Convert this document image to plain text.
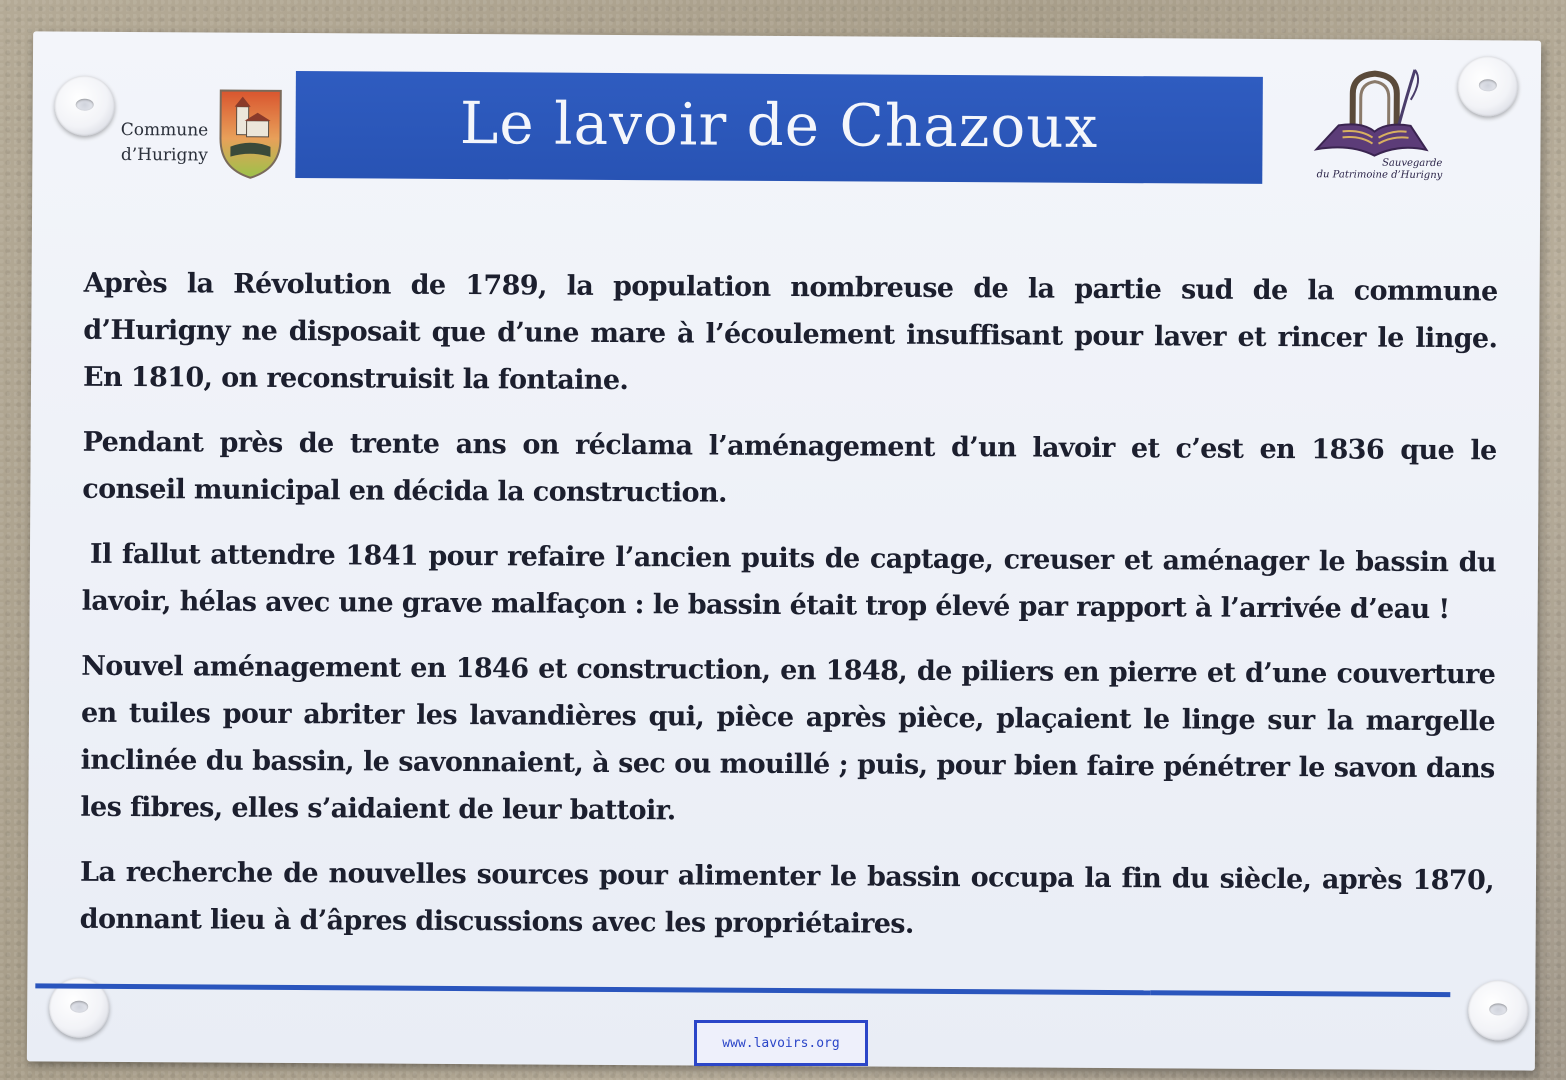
Commune
d’Hurigny	Le lavoir de Chazoux
Sauvegarde
du Patrimoine d’Hurigny

Après la Révolution de 1789, la population nombreuse de la partie sud de la commune d’Hurigny ne disposait que d’une mare à l’écoulement insuffisant pour laver et rincer le linge. En 1810, on reconstruisit la fontaine.

Pendant près de trente ans on réclama l’aménagement d’un lavoir et c’est en 1836 que le conseil municipal en décida la construction.

Il fallut attendre 1841 pour refaire l’ancien puits de captage, creuser et aménager le bassin du lavoir, hélas avec une grave malfaçon : le bassin était trop élevé par rapport à l’arrivée d’eau !

Nouvel aménagement en 1846 et construction, en 1848, de piliers en pierre et d’une couverture en tuiles pour abriter les lavandières qui, pièce après pièce, plaçaient le linge sur la margelle inclinée du bassin, le savonnaient, à sec ou mouillé ; puis, pour bien faire pénétrer le savon dans les fibres, elles s’aidaient de leur battoir.

La recherche de nouvelles sources pour alimenter le bassin occupa la fin du siècle, après 1870, donnant lieu à d’âpres discussions avec les propriétaires.

www.lavoirs.org
